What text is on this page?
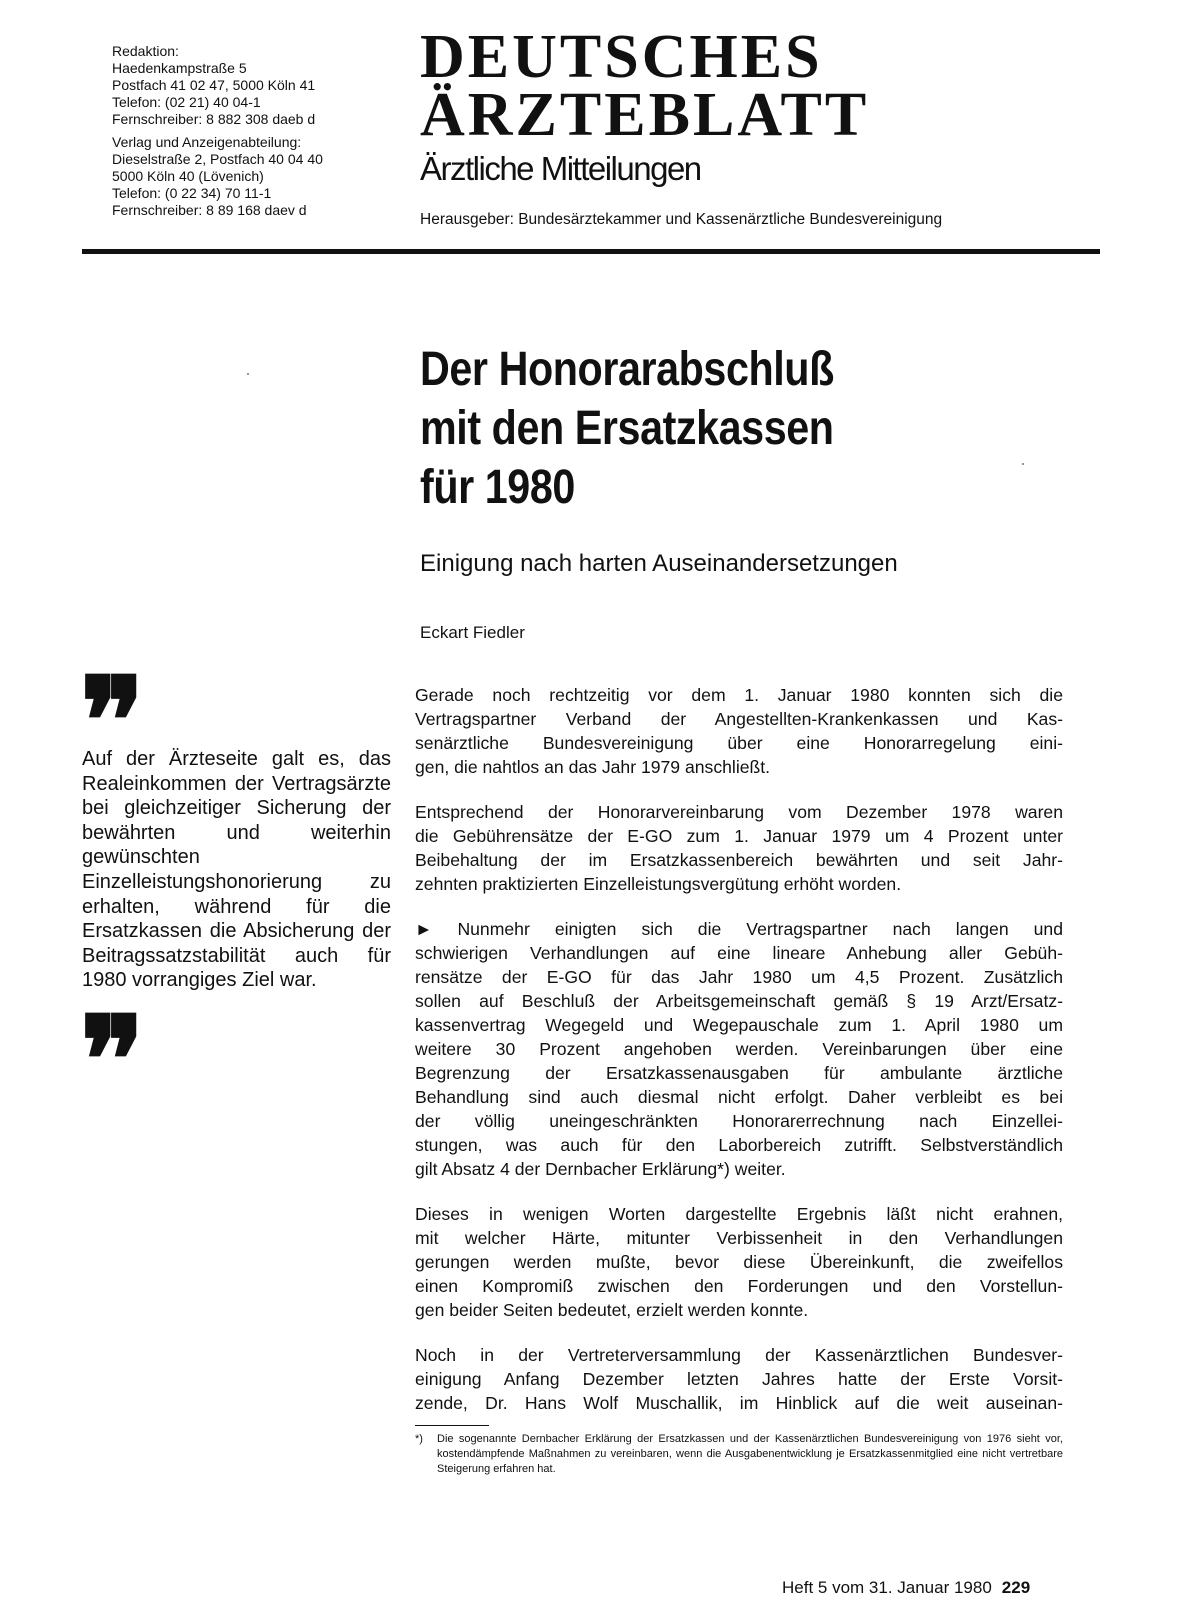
Redaktion:
Haedenkampstraße 5
Postfach 41 02 47, 5000 Köln 41
Telefon: (02 21) 40 04-1
Fernschreiber: 8 882 308 daeb d
Verlag und Anzeigenabteilung:
Dieselstraße 2, Postfach 40 04 40
5000 Köln 40 (Lövenich)
Telefon: (0 22 34) 70 11-1
Fernschreiber: 8 89 168 daev d
DEUTSCHES
ÄRZTEBLATT
Ärztliche Mitteilungen
Herausgeber: Bundesärztekammer und Kassenärztliche Bundesvereinigung
Der Honorarabschluß
mit den Ersatzkassen
für 1980
Einigung nach harten Auseinandersetzungen
Eckart Fiedler
❞
Auf der Ärzteseite galt es, das Realeinkommen der Vertragsärzte bei gleichzeitiger Sicherung der bewährten und weiterhin gewünschten Einzelleistungshonorierung zu erhalten, während für die Ersatzkassen die Absicherung der Beitragssatzstabilität auch für 1980 vorrangiges Ziel war.
❞

Gerade noch rechtzeitig vor dem 1. Januar 1980 konnten sich die
Vertragspartner Verband der Angestellten-Krankenkassen und Kas-
senärztliche Bundesvereinigung über eine Honorarregelung eini-
gen, die nahtlos an das Jahr 1979 anschließt.

Entsprechend der Honorarvereinbarung vom Dezember 1978 waren
die Gebührensätze der E-GO zum 1. Januar 1979 um 4 Prozent unter
Beibehaltung der im Ersatzkassenbereich bewährten und seit Jahr-
zehnten praktizierten Einzelleistungsvergütung erhöht worden.

► Nunmehr einigten sich die Vertragspartner nach langen und
schwierigen Verhandlungen auf eine lineare Anhebung aller Gebüh-
rensätze der E-GO für das Jahr 1980 um 4,5 Prozent. Zusätzlich
sollen auf Beschluß der Arbeitsgemeinschaft gemäß § 19 Arzt/Ersatz-
kassenvertrag Wegegeld und Wegepauschale zum 1. April 1980 um
weitere 30 Prozent angehoben werden. Vereinbarungen über eine
Begrenzung der Ersatzkassenausgaben für ambulante ärztliche
Behandlung sind auch diesmal nicht erfolgt. Daher verbleibt es bei
der völlig uneingeschränkten Honorarerrechnung nach Einzellei-
stungen, was auch für den Laborbereich zutrifft. Selbstverständlich
gilt Absatz 4 der Dernbacher Erklärung*) weiter.

Dieses in wenigen Worten dargestellte Ergebnis läßt nicht erahnen,
mit welcher Härte, mitunter Verbissenheit in den Verhandlungen
gerungen werden mußte, bevor diese Übereinkunft, die zweifellos
einen Kompromiß zwischen den Forderungen und den Vorstellun-
gen beider Seiten bedeutet, erzielt werden konnte.

Noch in der Vertreterversammlung der Kassenärztlichen Bundesver-
einigung Anfang Dezember letzten Jahres hatte der Erste Vorsit-
zende, Dr. Hans Wolf Muschallik, im Hinblick auf die weit auseinan-

*) Die sogenannte Dernbacher Erklärung der Ersatzkassen und der Kassenärztlichen Bundesvereinigung von 1976 sieht vor, kostendämpfende Maßnahmen zu vereinbaren, wenn die Ausgabenentwicklung je Ersatzkassenmitglied eine nicht vertretbare Steigerung erfahren hat.
Heft 5 vom 31. Januar 1980 229
